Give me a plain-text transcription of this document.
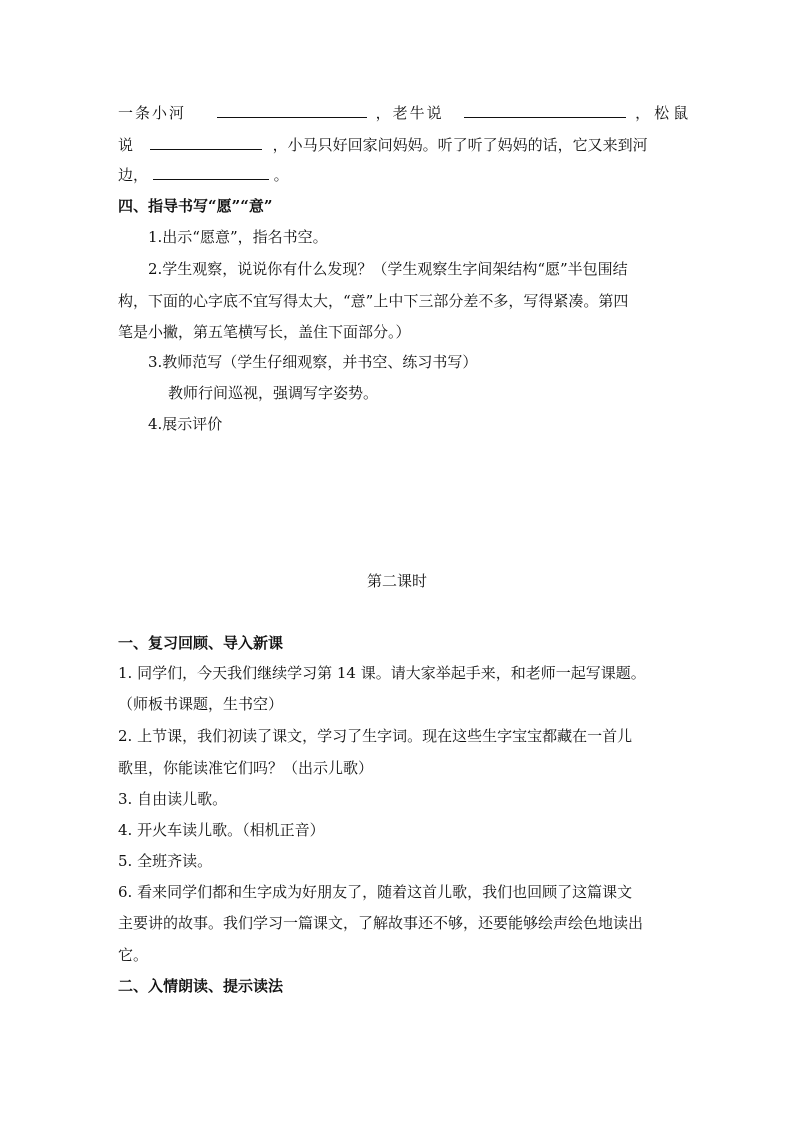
一条小河	，老牛说	，松鼠
说	，小马只好回家问妈妈。听了听了妈妈的话，它又来到河
边，	。
四、指导书写“愿”“意”
1.出示“愿意”，指名书空。
2.学生观察，说说你有什么发现？（学生观察生字间架结构“愿”半包围结
构，下面的心字底不宜写得太大，“意”上中下三部分差不多，写得紧凑。第四
笔是小撇，第五笔横写长，盖住下面部分。）
3.教师范写（学生仔细观察，并书空、练习书写）
教师行间巡视，强调写字姿势。
4.展示评价
第二课时
一、复习回顾、导入新课
1. 同学们，今天我们继续学习第 14 课。请大家举起手来，和老师一起写课题。
（师板书课题，生书空）
2. 上节课，我们初读了课文，学习了生字词。现在这些生字宝宝都藏在一首儿
歌里，你能读准它们吗？（出示儿歌）
3. 自由读儿歌。
4. 开火车读儿歌。（相机正音）
5. 全班齐读。
6. 看来同学们都和生字成为好朋友了，随着这首儿歌，我们也回顾了这篇课文
主要讲的故事。我们学习一篇课文，了解故事还不够，还要能够绘声绘色地读出
它。
二、入情朗读、提示读法
